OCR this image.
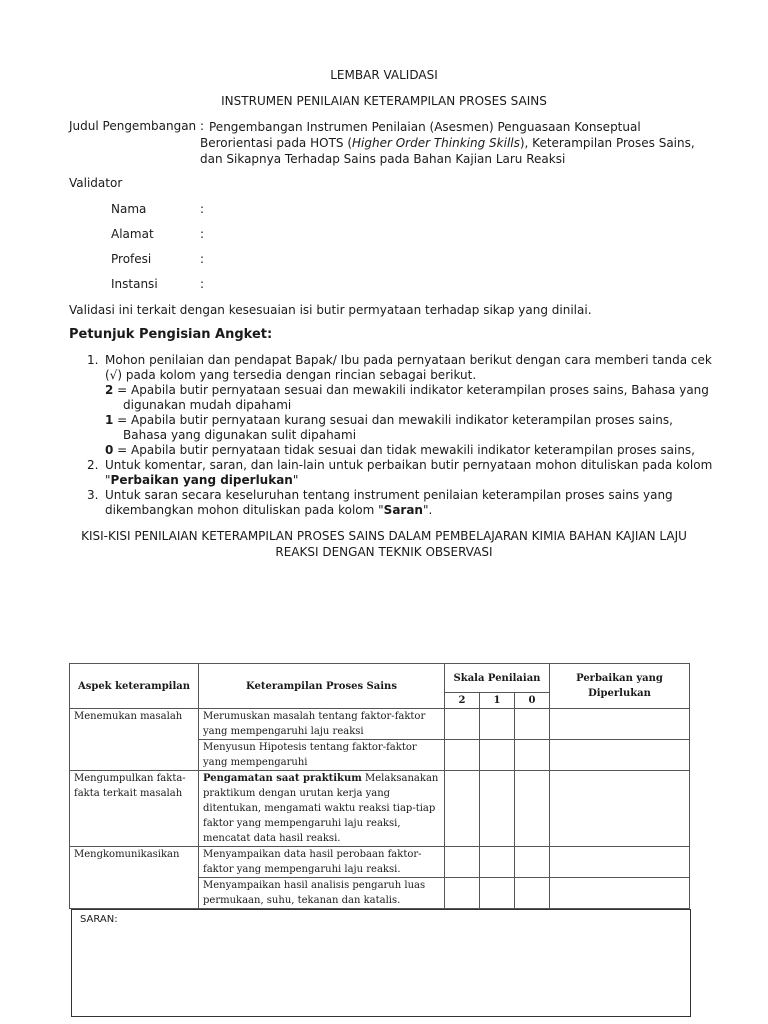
LEMBAR VALIDASI
INSTRUMEN PENILAIAN KETERAMPILAN PROSES SAINS
Judul Pengembangan : Pengembangan Instrumen Penilaian (Asesmen) Penguasaan Konseptual
Berorientasi pada HOTS (Higher Order Thinking Skills), Keterampilan Proses Sains,
dan Sikapnya Terhadap Sains pada Bahan Kajian Laru Reaksi
Validator
Nama	:
Alamat	:
Profesi	:
Instansi	:
Validasi ini terkait dengan kesesuaian isi butir permyataan terhadap sikap yang dinilai.
Petunjuk Pengisian Angket:
1. Mohon penilaian dan pendapat Bapak/ Ibu pada pernyataan berikut dengan cara memberi tanda cek
(√) pada kolom yang tersedia dengan rincian sebagai berikut.
2 = Apabila butir pernyataan sesuai dan mewakili indikator keterampilan proses sains, Bahasa yang
digunakan mudah dipahami
1 = Apabila butir pernyataan kurang sesuai dan mewakili indikator keterampilan proses sains,
Bahasa yang digunakan sulit dipahami
0 = Apabila butir pernyataan tidak sesuai dan tidak mewakili indikator keterampilan proses sains,
2. Untuk komentar, saran, dan lain-lain untuk perbaikan butir pernyataan mohon dituliskan pada kolom
"Perbaikan yang diperlukan"
3. Untuk saran secara keseluruhan tentang instrument penilaian keterampilan proses sains yang
dikembangkan mohon dituliskan pada kolom "Saran".
KISI-KISI PENILAIAN KETERAMPILAN PROSES SAINS DALAM PEMBELAJARAN KIMIA BAHAN KAJIAN LAJU
REAKSI DENGAN TEKNIK OBSERVASI
Aspek keterampilan	Keterampilan Proses Sains	Skala Penilaian			Perbaikan yang Diperlukan
		2	1	0	
Menemukan masalah	Merumuskan masalah tentang faktor-faktor yang mempengaruhi laju reaksi				
	Menyusun Hipotesis tentang faktor-faktor yang mempengaruhi				
Mengumpulkan fakta-fakta terkait masalah	Pengamatan saat praktikum Melaksanakan praktikum dengan urutan kerja yang ditentukan, mengamati waktu reaksi tiap-tiap faktor yang mempengaruhi laju reaksi, mencatat data hasil reaksi.				
Mengkomunikasikan	Menyampaikan data hasil perobaan faktor-faktor yang mempengaruhi laju reaksi.				
	Menyampaikan hasil analisis pengaruh luas permukaan, suhu, tekanan dan katalis.				
SARAN:
